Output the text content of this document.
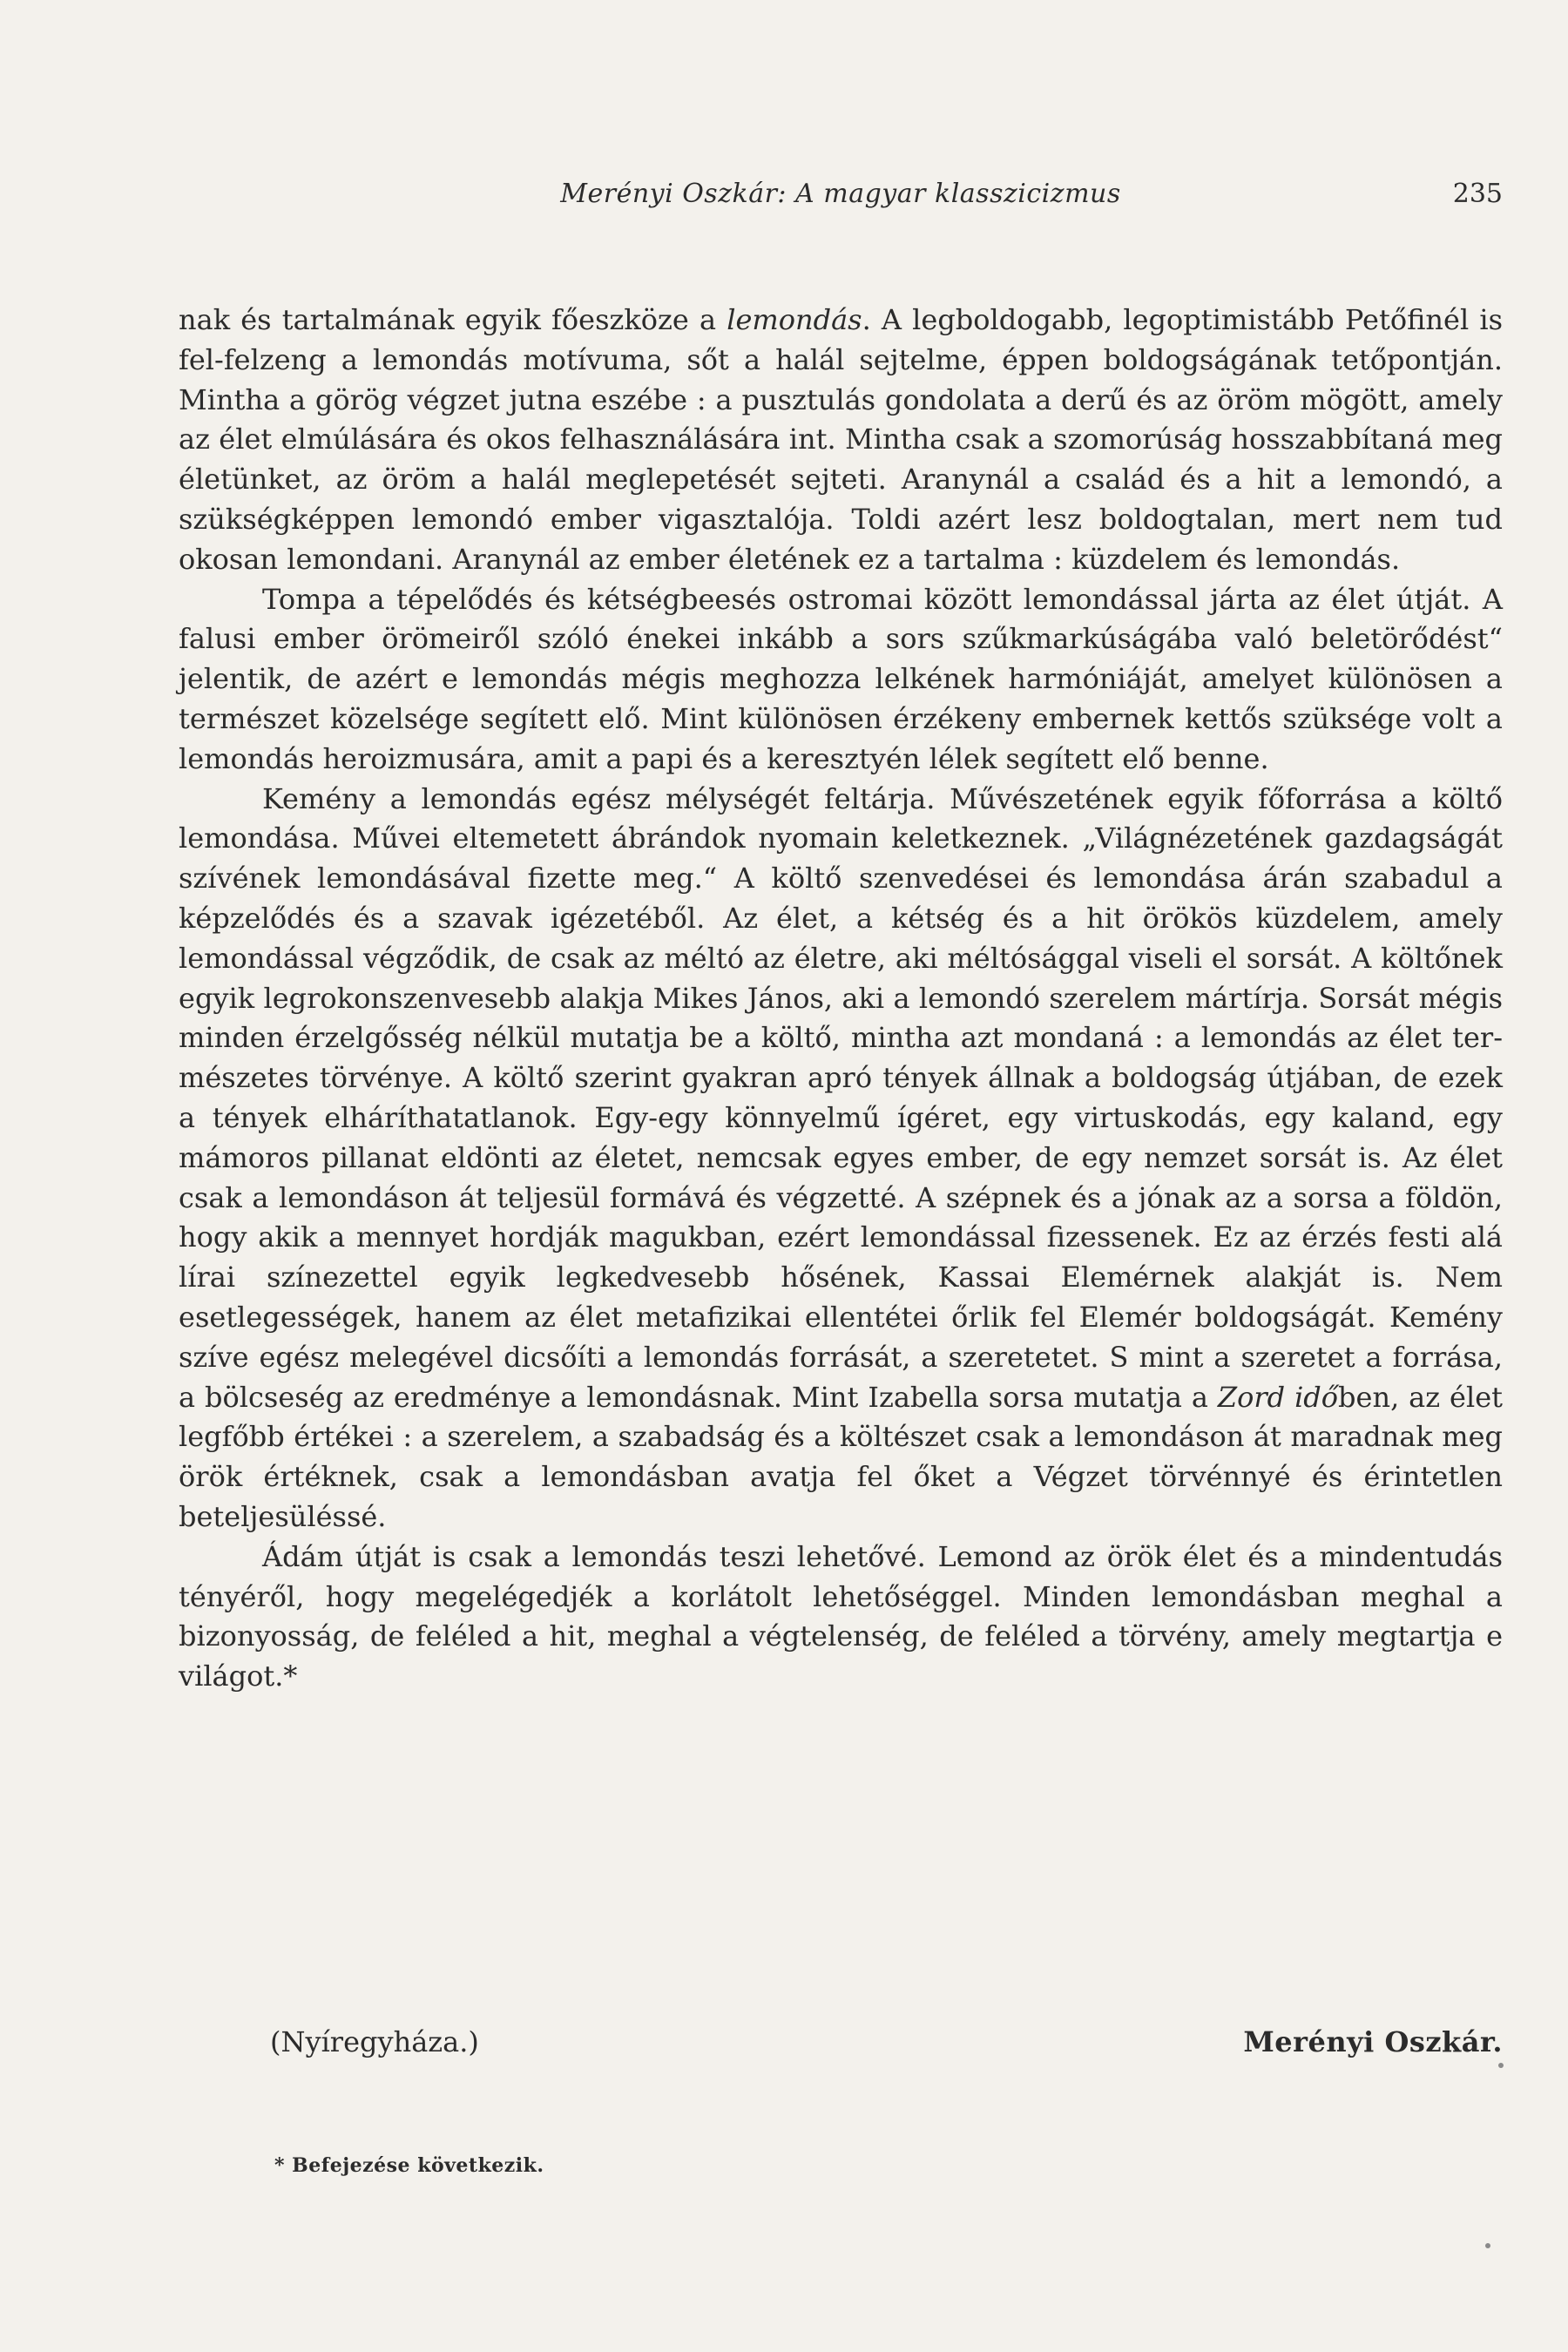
Merényi Oszkár: A magyar klasszicizmus	235

nak és tartalmának egyik főeszköze a lemondás. A legboldogabb, legoptimistább Petőfinél is fel-felzeng a lemondás motívuma, sőt a halál sejtelme, éppen boldogságának tetőpontján. Mintha a görög végzet jutna eszébe : a pusztulás gondolata a derű és az öröm mögött, amely az élet elmúlására és okos felhasználására int. Mintha csak a szomorúság hosszabbítaná meg életünket, az öröm a halál meglepetését sejteti. Aranynál a család és a hit a lemondó, a szükségképpen lemondó ember vigasztalója. Toldi azért lesz boldogtalan, mert nem tud okosan lemondani. Aranynál az ember életének ez a tartalma : küzdelem és lemondás.

Tompa a tépelődés és kétségbeesés ostromai között lemondással járta az élet útját. A falusi ember örömeiről szóló énekei inkább a sors szűkmarkúságába való beletörődést“ jelentik, de azért e lemondás mégis meghozza lelkének harmóniáját, amelyet különösen a természet közelsége segített elő. Mint különösen érzékeny embernek kettős szüksége volt a lemondás heroizmusára, amit a papi és a keresztyén lélek segített elő benne.

Kemény a lemondás egész mélységét feltárja. Művészetének egyik főforrása a költő lemondása. Művei eltemetett ábrándok nyomain keletkeznek. „Világnézetének gazdagságát szívének lemondásával fizette meg.“ A költő szenvedései és lemondása árán szabadul a képzelődés és a szavak igézetéből. Az élet, a kétség és a hit örökös küzdelem, amely lemondással végződik, de csak az méltó az életre, aki méltósággal viseli el sorsát. A költőnek egyik legrokonszenvesebb alakja Mikes János, aki a lemondó szerelem mártírja. Sorsát mégis minden érzelgősség nélkül mutatja be a költő, mintha azt mondaná : a lemondás az élet természetes törvénye. A költő szerint gyakran apró tények állnak a boldogság útjában, de ezek a tények elháríthatatlanok. Egy-egy könnyelmű ígéret, egy virtuskodás, egy kaland, egy mámoros pillanat eldönti az életet, nemcsak egyes ember, de egy nemzet sorsát is. Az élet csak a lemondáson át teljesül formává és végzetté. A szépnek és a jónak az a sorsa a földön, hogy akik a mennyet hordják magukban, ezért lemondással fizessenek. Ez az érzés festi alá lírai színezettel egyik legkedvesebb hősének, Kassai Elemérnek alakját is. Nem esetlegességek, hanem az élet metafizikai ellentétei őrlik fel Elemér boldogságát. Kemény szíve egész melegével dicsőíti a lemondás forrását, a szeretetet. S mint a szeretet a forrása, a bölcseség az eredménye a lemondásnak. Mint Izabella sorsa mutatja a Zord időben, az élet legfőbb értékei : a szerelem, a szabadság és a költészet csak a lemondáson át maradnak meg örök értéknek, csak a lemondásban avatja fel őket a Végzet törvénnyé és érintetlen beteljesüléssé.

Ádám útját is csak a lemondás teszi lehetővé. Lemond az örök élet és a mindentudás tényéről, hogy megelégedjék a korlátolt lehetőséggel. Minden lemondásban meghal a bizonyosság, de feléled a hit, meghal a végtelenség, de feléled a törvény, amely megtartja e világot.*

(Nyíregyháza.)	Merényi Oszkár.
* Befejezése következik.
